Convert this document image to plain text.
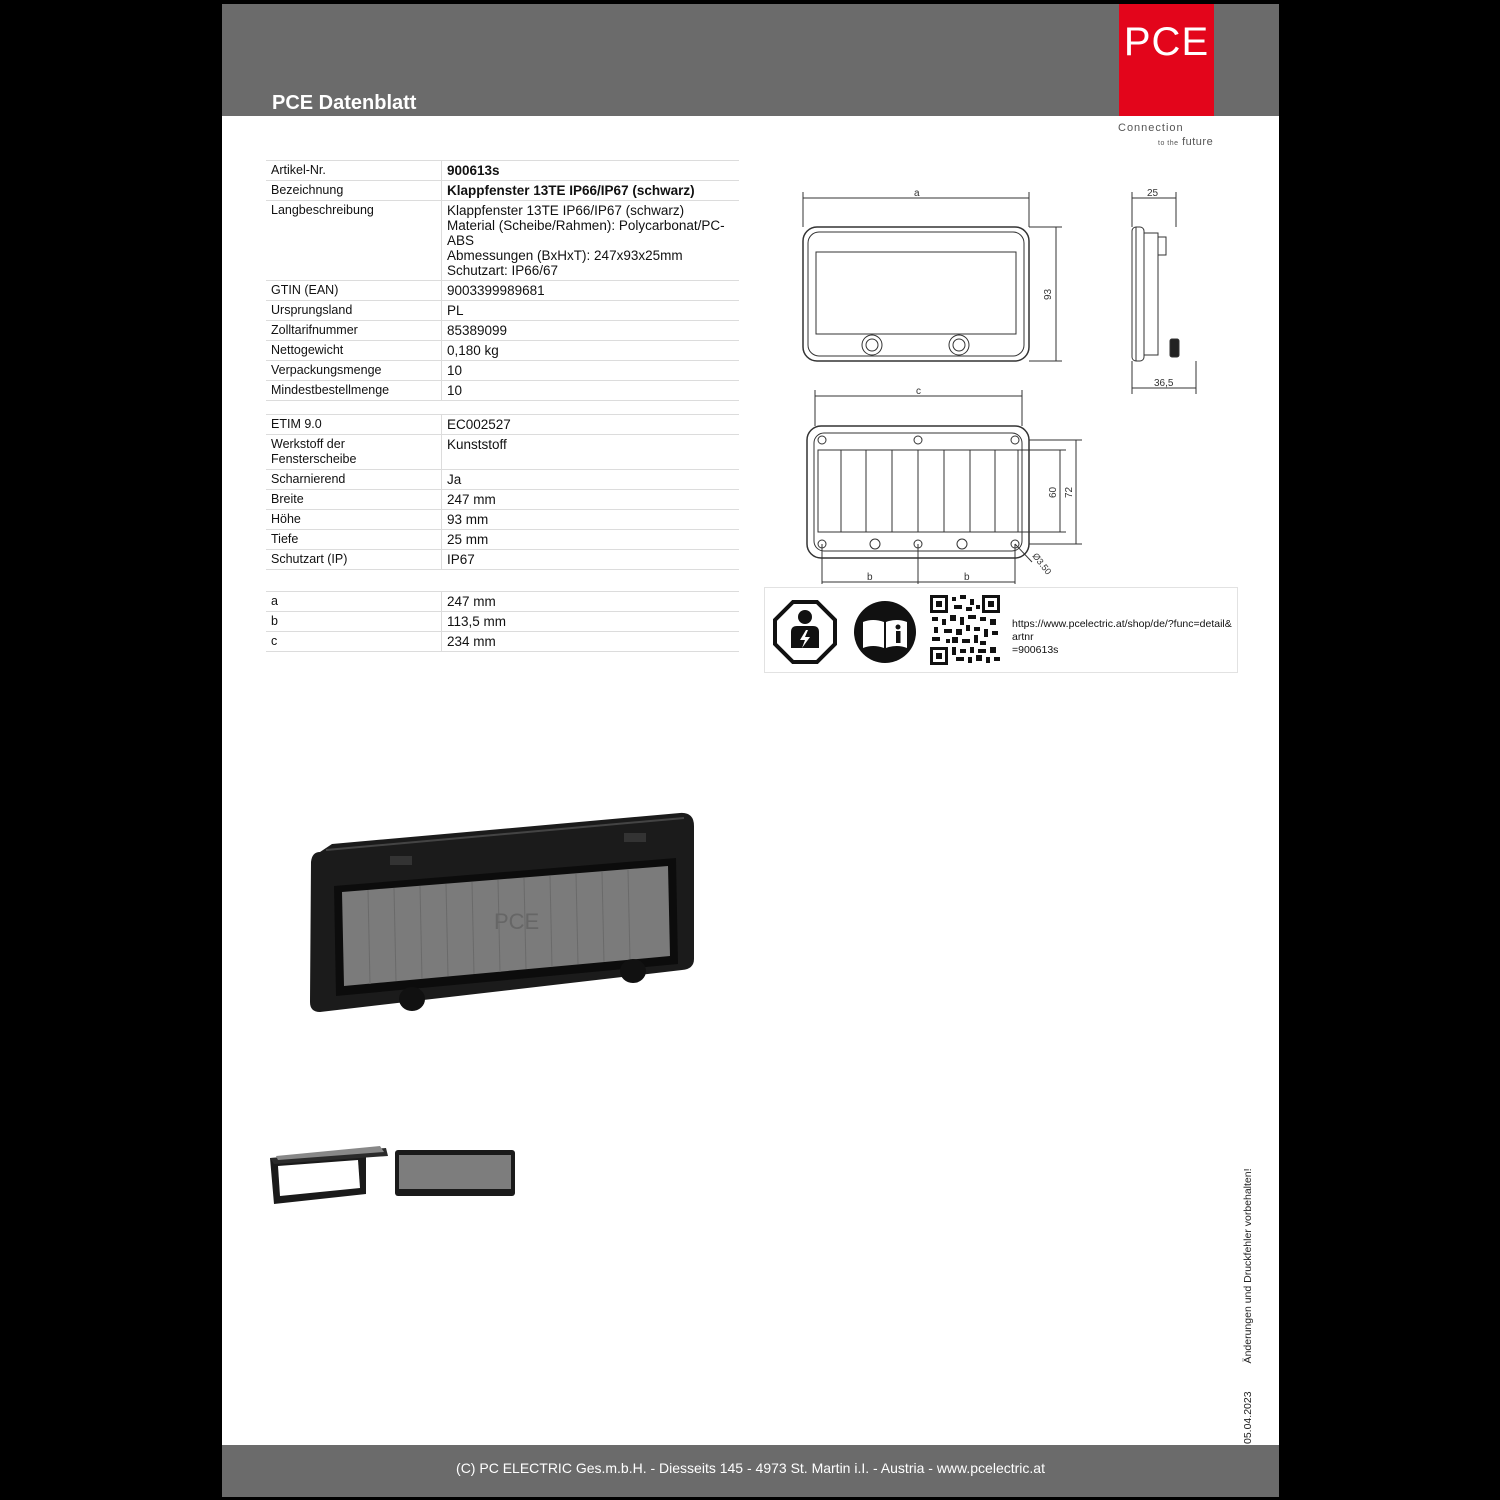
PCE Datenblatt
PCE
Connection
to the future
Artikel-Nr.	900613s
Bezeichnung	Klappfenster 13TE IP66/IP67 (schwarz)
Langbeschreibung	Klappfenster 13TE IP66/IP67 (schwarz)
Material (Scheibe/Rahmen): Polycarbonat/PC-ABS
Abmessungen (BxHxT): 247x93x25mm
Schutzart: IP66/67

GTIN (EAN)	9003399989681
Ursprungsland	PL
Zolltarifnummer	85389099
Nettogewicht	0,180 kg
Verpackungsmenge	10
Mindestbestellmenge	10
ETIM 9.0	EC002527

Werkstoff der
Fensterscheibe	Kunststoff
Scharnierend	Ja
Breite	247 mm
Höhe	93 mm
Tiefe	25 mm
Schutzart (IP)	IP67
a	247 mm
b	113,5 mm
c	234 mm
a
93
25
36,5
c
60 72
b	b
Ø3.50
https://www.pcelectric.at/shop/de/?func=detail&artnr
=900613s
PCE
05.04.2023Änderungen und Druckfehler vorbehalten!
(C) PC ELECTRIC Ges.m.b.H. - Diesseits 145 - 4973 St. Martin i.I. - Austria - www.pcelectric.at
